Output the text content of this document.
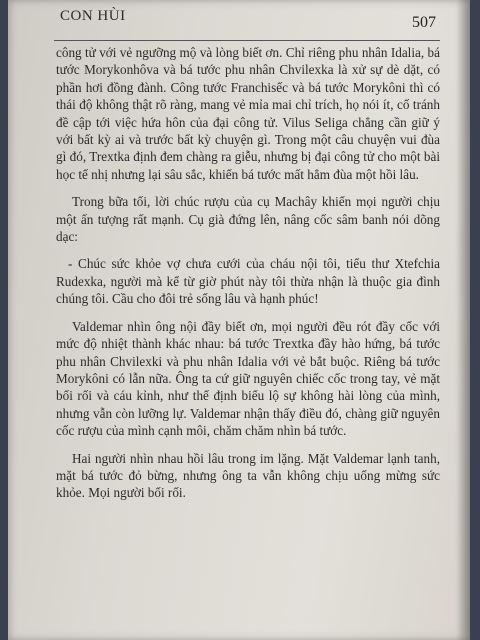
CON HÙI	507

công tử với vẻ ngưỡng mộ và lòng biết ơn. Chỉ riêng phu nhân Idalia, bá tước Morykonhôva và bá tước phu nhân Chvilexka là xử sự dè dặt, có phần hơi đồng đành. Công tước Franchisếc và bá tước Morykôni thì có thái độ không thật rõ ràng, mang vẻ mỉa mai chỉ trích, họ nói ít, cố tránh đề cập tới việc hứa hôn của đại công tử. Vilus Seliga chẳng cần giữ ý với bất kỳ ai và trước bất kỳ chuyện gì. Trong một câu chuyện vui đùa gì đó, Trextka định đem chàng ra giễu, nhưng bị đại công tử cho một bài học tế nhị nhưng lại sâu sắc, khiến bá tước mất hẳm đùa một hồi lâu.

Trong bữa tối, lời chúc rượu của cụ Machây khiến mọi người chịu một ấn tượng rất mạnh. Cụ già đứng lên, nâng cốc sâm banh nói dõng dạc:

- Chúc sức khỏe vợ chưa cưới của cháu nội tôi, tiểu thư Xtefchia Rudexka, người mà kể từ giờ phút này tôi thừa nhận là thuộc gia đình chúng tôi. Cầu cho đôi trẻ sống lâu và hạnh phúc!

Valdemar nhìn ông nội đầy biết ơn, mọi người đều rót đầy cốc với mức độ nhiệt thành khác nhau: bá tước Trextka đầy hào hứng, bá tước phu nhân Chvilexki và phu nhân Idalia với vẻ bắt buộc. Riêng bá tước Morykôni có lẫn nữa. Ông ta cứ giữ nguyên chiếc cốc trong tay, vẻ mặt bối rối và cáu kỉnh, như thể định biểu lộ sự không hài lòng của mình, nhưng vẫn còn lưỡng lự. Valdemar nhận thấy điều đó, chàng giữ nguyên cốc rượu của mình cạnh môi, chăm chăm nhìn bá tước.

Hai người nhìn nhau hồi lâu trong im lặng. Mặt Valdemar lạnh tanh, mặt bá tước đỏ bừng, nhưng ông ta vẫn không chịu uống mừng sức khỏe. Mọi người bối rối.
